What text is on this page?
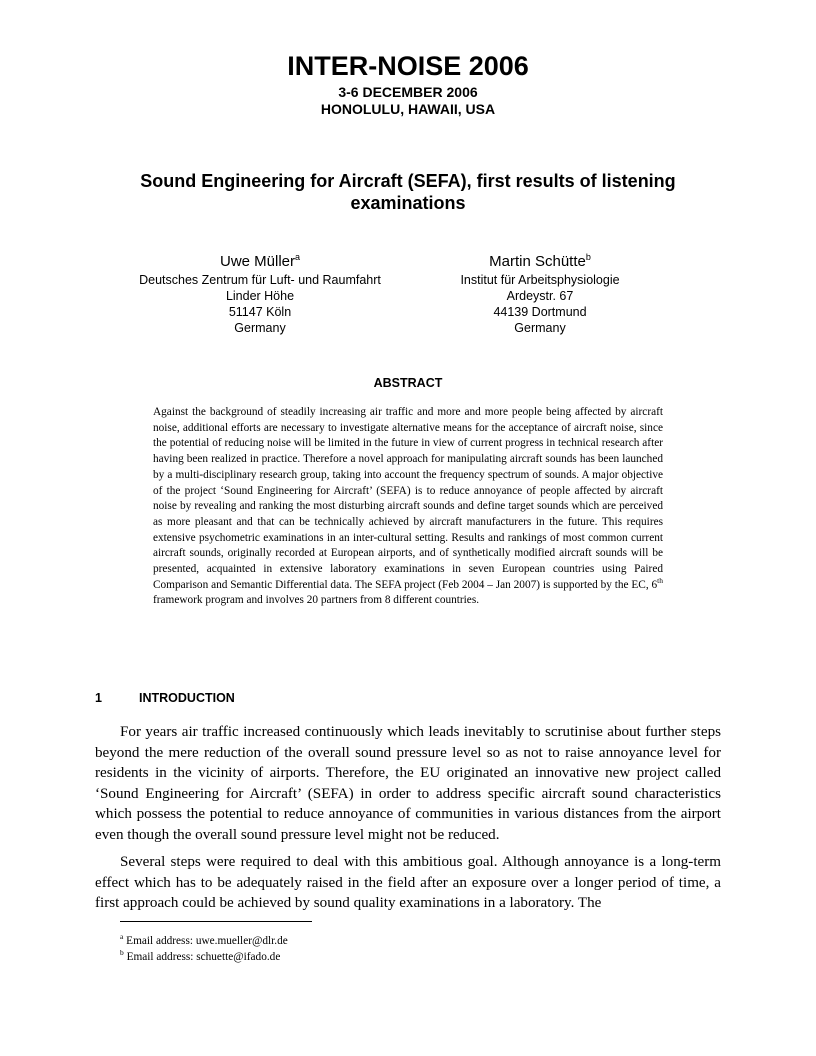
INTER-NOISE 2006
3-6 DECEMBER 2006
HONOLULU, HAWAII, USA
Sound Engineering for Aircraft (SEFA), first results of listening examinations
Uwe Müller$^a$
Deutsches Zentrum für Luft- und Raumfahrt
Linder Höhe
51147 Köln
Germany
Martin Schütte$^b$
Institut für Arbeitsphysiologie
Ardeystr. 67
44139 Dortmund
Germany
ABSTRACT
Against the background of steadily increasing air traffic and more and more people being affected by aircraft noise, additional efforts are necessary to investigate alternative means for the acceptance of aircraft noise, since the potential of reducing noise will be limited in the future in view of current progress in technical research after having been realized in practice. Therefore a novel approach for manipulating aircraft sounds has been launched by a multi-disciplinary research group, taking into account the frequency spectrum of sounds. A major objective of the project ‘Sound Engineering for Aircraft’ (SEFA) is to reduce annoyance of people affected by aircraft noise by revealing and ranking the most disturbing aircraft sounds and define target sounds which are perceived as more pleasant and that can be technically achieved by aircraft manufacturers in the future. This requires extensive psychometric examinations in an inter-cultural setting. Results and rankings of most common current aircraft sounds, originally recorded at European airports, and of synthetically modified aircraft sounds will be presented, acquainted in extensive laboratory examinations in seven European countries using Paired Comparison and Semantic Differential data. The SEFA project (Feb 2004 – Jan 2007) is supported by the EC, 6th framework program and involves 20 partners from 8 different countries.
1	INTRODUCTION
For years air traffic increased continuously which leads inevitably to scrutinise about further steps beyond the mere reduction of the overall sound pressure level so as not to raise annoyance level for residents in the vicinity of airports. Therefore, the EU originated an innovative new project called ‘Sound Engineering for Aircraft’ (SEFA) in order to address specific aircraft sound characteristics which possess the potential to reduce annoyance of communities in various distances from the airport even though the overall sound pressure level might not be reduced.
Several steps were required to deal with this ambitious goal. Although annoyance is a long-term effect which has to be adequately raised in the field after an exposure over a longer period of time, a first approach could be achieved by sound quality examinations in a laboratory. The
$^a$ Email address: uwe.mueller@dlr.de
$^b$ Email address: schuette@ifado.de
